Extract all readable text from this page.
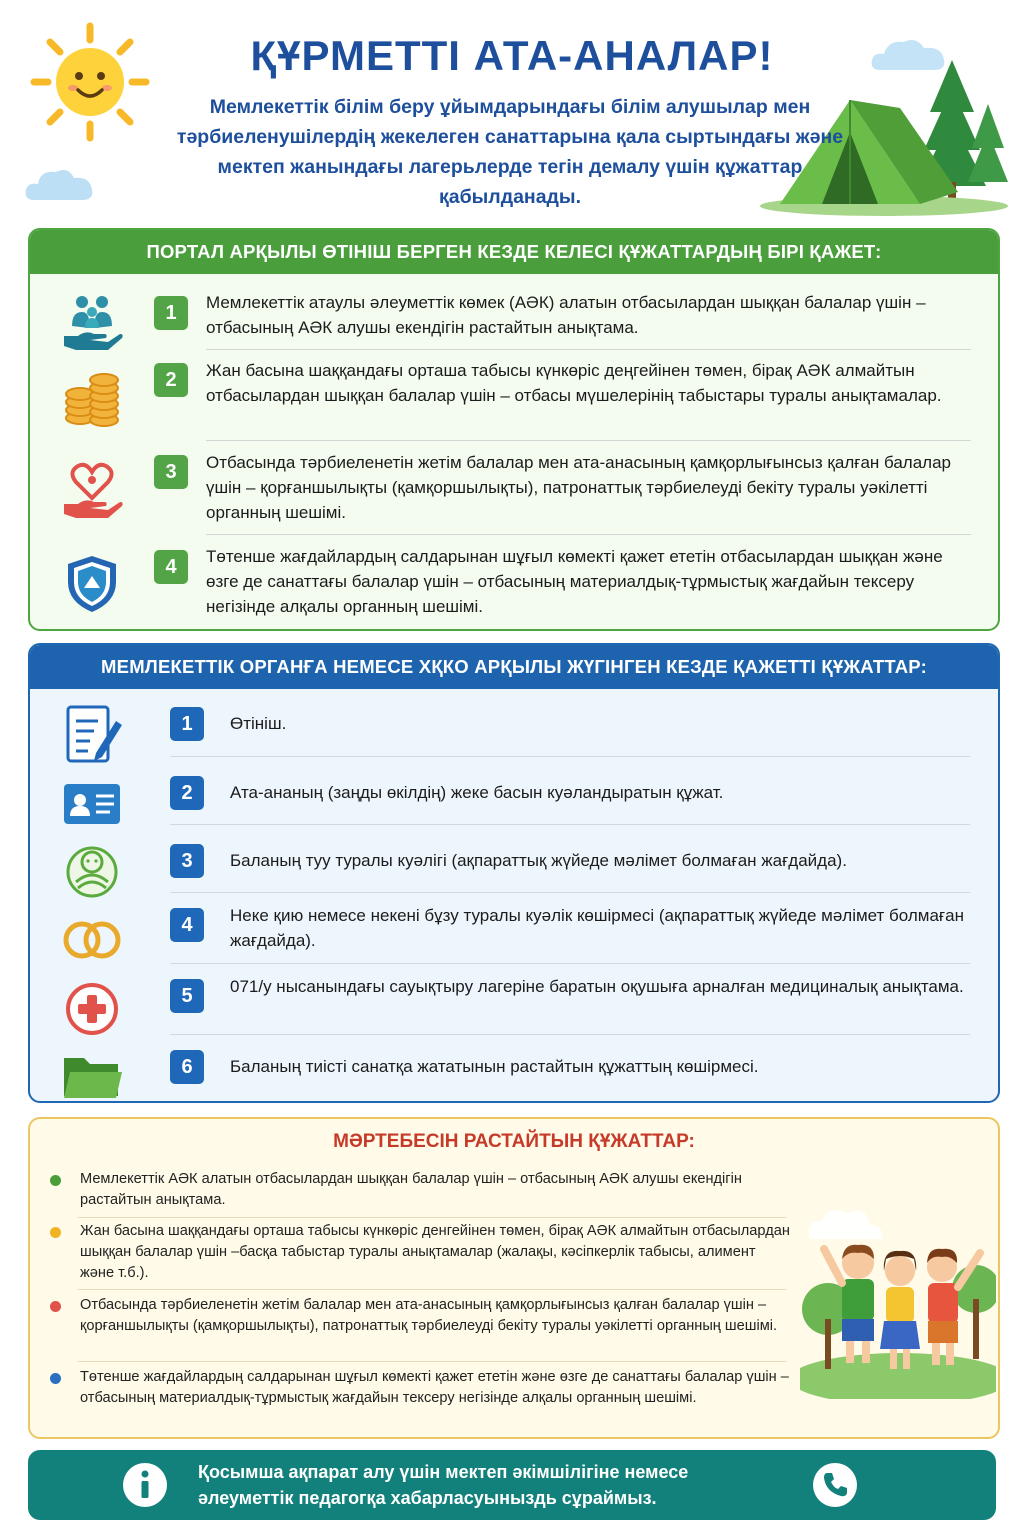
ҚҰРМЕТТІ АТА-АНАЛАР!

Мемлекеттік білім беру ұйымдарындағы білім алушылар мен тәрбиеленушілердің жекелеген санаттарына қала сыртындағы және мектеп жанындағы лагерьлерде тегін демалу үшін құжаттар қабылданады.

ПОРТАЛ АРҚЫЛЫ ӨТІНІШ БЕРГЕН КЕЗДЕ КЕЛЕСІ ҚҰЖАТТАРДЫҢ БІРІ ҚАЖЕТ:
1	Мемлекеттік атаулы әлеуметтік көмек (АӘК) алатын отбасылардан шыққан балалар үшін – отбасының АӘК алушы екендігін растайтын анықтама.

2	Жан басына шаққандағы орташа табысы күнкөріс деңгейінен төмен, бірақ АӘК алмайтын отбасылардан шыққан балалар үшін – отбасы мүшелерінің табыстары туралы анықтамалар.

3	Отбасында тәрбиеленетін жетім балалар мен ата-анасының қамқорлығынсыз қалған балалар үшін – қорғаншылықты (қамқоршылықты), патронаттық тәрбиелеуді бекіту туралы уәкілетті органның шешімі.

4	Төтенше жағдайлардың салдарынан шұғыл көмекті қажет ететін отбасылардан шыққан және өзге де санаттағы балалар үшін – отбасының материалдық-тұрмыстық жағдайын тексеру негізінде алқалы органның шешімі.

МЕМЛЕКЕТТІК ОРГАНҒА НЕМЕСЕ ХҚКО АРҚЫЛЫ ЖҮГІНГЕН КЕЗДЕ ҚАЖЕТТІ ҚҰЖАТТАР:
1	Өтініш.

2	Ата-ананың (заңды өкілдің) жеке басын куәландыратын құжат.

3	Баланың туу туралы куәлігі (ақпараттық жүйеде мәлімет болмаған жағдайда).

4	Неке қию немесе некені бұзу туралы куәлік көшірмесі (ақпараттық жүйеде мәлімет болмаған жағдайда).

5	071/у нысанындағы сауықтыру лагеріне баратын оқушыға арналған медициналық анықтама.

6	Баланың тиісті санатқа жататынын растайтын құжаттың көшірмесі.

МӘРТЕБЕСІН РАСТАЙТЫН ҚҰЖАТТАР:

Мемлекеттік АӘК алатын отбасылардан шыққан балалар үшін – отбасының АӘК алушы екендігін растайтын анықтама.

Жан басына шаққандағы орташа табысы күнкөріс денгейінен төмен, бірақ АӘК алмайтын отбасылардан шыққан балалар үшін –басқа табыстар туралы анықтамалар (жалақы, кәсіпкерлік табысы, алимент және т.б.).

Отбасында тәрбиеленетін жетім балалар мен ата-анасының қамқорлығынсыз қалған балалар үшін – қорғаншылықты (қамқоршылықты), патронаттық тәрбиелеуді бекіту туралы уәкілетті органның шешімі.

Төтенше жағдайлардың салдарынан шұғыл көмекті қажет ететін және өзге де санаттағы балалар үшін – отбасының материалдық-тұрмыстық жағдайын тексеру негізінде алқалы органның шешімі.

Қосымша ақпарат алу үшін мектеп әкімшілігіне немесе әлеуметтік педагогқа хабарласуыныздь сұраймыз.
